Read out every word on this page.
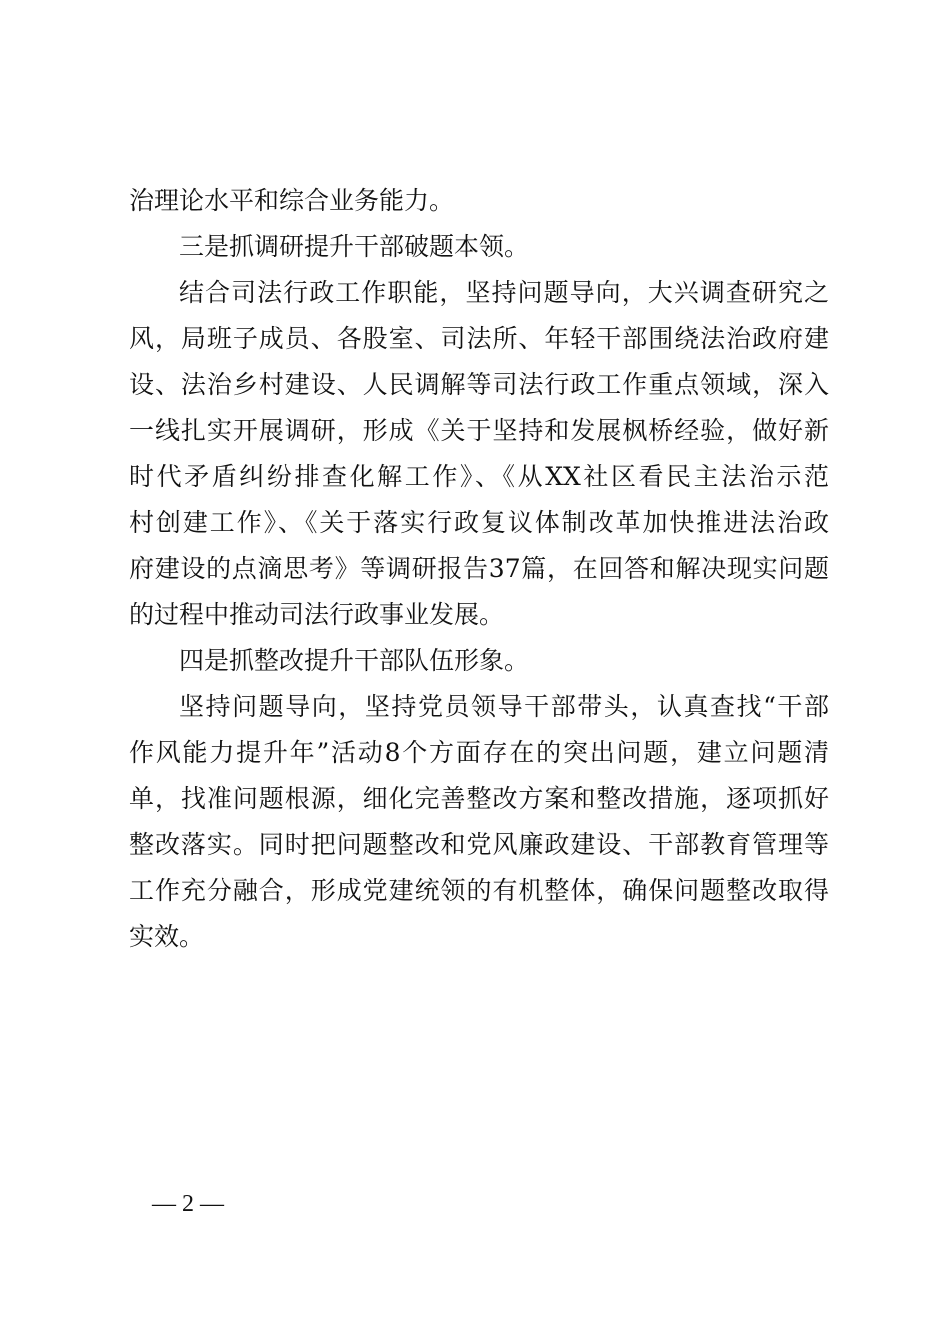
治理论水平和综合业务能力。
三是抓调研提升干部破题本领。
结合司法行政工作职能，坚持问题导向，大兴调查研究之
风，局班子成员、各股室、司法所、年轻干部围绕法治政府建
设、法治乡村建设、人民调解等司法行政工作重点领域，深入
一线扎实开展调研，形成《关于坚持和发展枫桥经验，做好新
时代矛盾纠纷排查化解工作》、《从XX社区看民主法治示范
村创建工作》、《关于落实行政复议体制改革加快推进法治政
府建设的点滴思考》等调研报告37篇，在回答和解决现实问题
的过程中推动司法行政事业发展。
四是抓整改提升干部队伍形象。
坚持问题导向，坚持党员领导干部带头，认真查找“干部
作风能力提升年”活动8个方面存在的突出问题，建立问题清
单，找准问题根源，细化完善整改方案和整改措施，逐项抓好
整改落实。同时把问题整改和党风廉政建设、干部教育管理等
工作充分融合，形成党建统领的有机整体，确保问题整改取得
实效。
— 2 —
